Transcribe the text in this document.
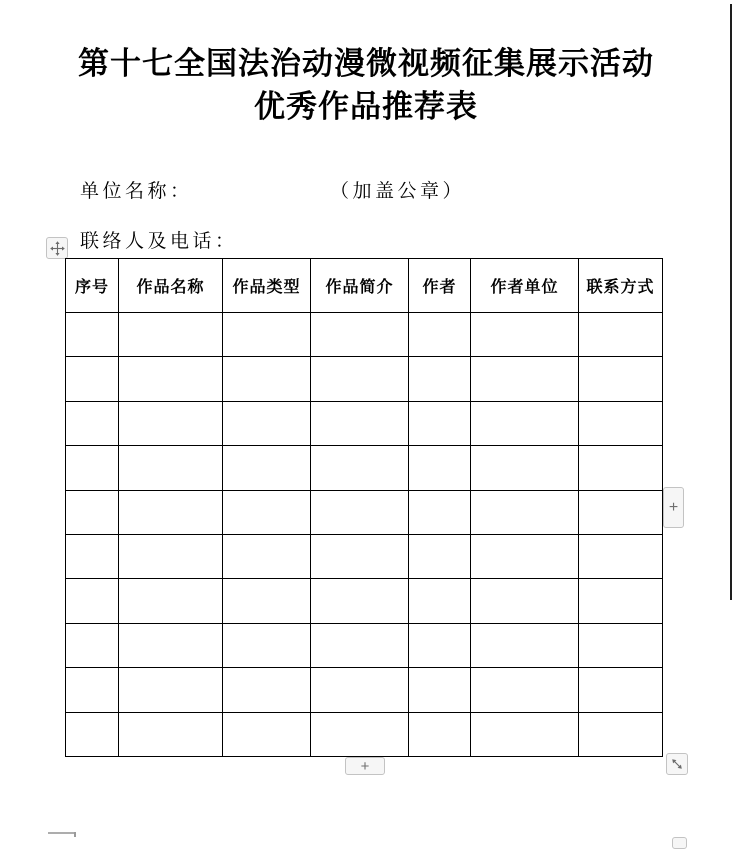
第十七全国法治动漫微视频征集展示活动
优秀作品推荐表
单位名称：	（加盖公章）
联络人及电话：
序号	作品名称	作品类型	作品简介	作者	作者单位	联系方式

+
+
